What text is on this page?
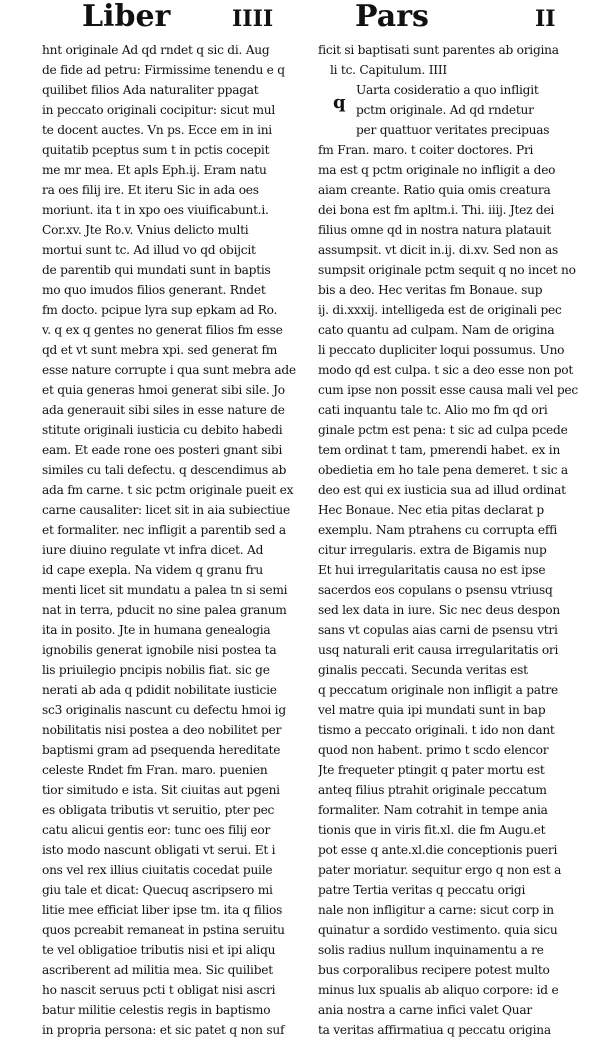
Liber	IIII	Pars	II
hnt originale Ad qd rndet q sic di. Aug
de fide ad petru: Firmissime tenendu e q
quilibet filios Ada naturaliter ppagat
in peccato originali cocipitur: sicut mul
te docent auctes. Vn ps. Ecce em in ini
quitatib pceptus sum t in pctis cocepit
me mr mea. Et apls Eph.ij. Eram natu
ra oes filij ire. Et iteru Sic in ada oes
moriunt. ita t in xpo oes viuificabunt.i.
Cor.xv. Jte Ro.v. Vnius delicto multi
mortui sunt tc. Ad illud vo qd obijcit
de parentib qui mundati sunt in baptis
mo quo imudos filios generant. Rndet
fm docto. pcipue lyra sup epkam ad Ro.
v. q ex q gentes no generat filios fm esse
qd et vt sunt mebra xpi. sed generat fm
esse nature corrupte i qua sunt mebra ade
et quia generas hmoi generat sibi sile. Jo
ada generauit sibi siles in esse nature de
stitute originali iusticia cu debito habedi
eam. Et eade rone oes posteri gnant sibi
similes cu tali defectu. q descendimus ab
ada fm carne. t sic pctm originale pueit ex
carne causaliter: licet sit in aia subiectiue
et formaliter. nec infligit a parentib sed a
iure diuino regulate vt infra dicet. Ad
id cape exepla. Na videm q granu fru
menti licet sit mundatu a palea tn si semi
nat in terra, pducit no sine palea granum
ita in posito. Jte in humana genealogia
ignobilis generat ignobile nisi postea ta
lis priuilegio pncipis nobilis fiat. sic ge
nerati ab ada q pdidit nobilitate iusticie
sc3 originalis nascunt cu defectu hmoi ig
nobilitatis nisi postea a deo nobilitet per
baptismi gram ad psequenda hereditate
celeste Rndet fm Fran. maro. puenien
tior simitudo e ista. Sit ciuitas aut pgeni
es obligata tributis vt seruitio, pter pec
catu alicui gentis eor: tunc oes filij eor
isto modo nascunt obligati vt serui. Et i
ons vel rex illius ciuitatis cocedat puile
giu tale et dicat: Quecuq ascripsero mi
litie mee efficiat liber ipse tm. ita q filios
quos pcreabit remaneat in pstina seruitu
te vel obligatioe tributis nisi et ipi aliqu
ascriberent ad militia mea. Sic quilibet
ho nascit seruus pcti t obligat nisi ascri
batur militie celestis regis in baptismo
in propria persona: et sic patet q non suf
ficit si baptisati sunt parentes ab origina
li tc. Capitulum. IIII
Uarta cosideratio a quo infligit
pctm originale. Ad qd rndetur
per quattuor veritates precipuas
fm Fran. maro. t coiter doctores. Pri
ma est q pctm originale no infligit a deo
aiam creante. Ratio quia omis creatura
dei bona est fm apltm.i. Thi. iiij. Jtez dei
filius omne qd in nostra natura platauit
assumpsit. vt dicit in.ij. di.xv. Sed non as
sumpsit originale pctm sequit q no incet no
bis a deo. Hec veritas fm Bonaue. sup
ij. di.xxxij. intelligeda est de originali pec
cato quantu ad culpam. Nam de origina
li peccato dupliciter loqui possumus. Uno
modo qd est culpa. t sic a deo esse non pot
cum ipse non possit esse causa mali vel pec
cati inquantu tale tc. Alio mo fm qd ori
ginale pctm est pena: t sic ad culpa pcede
tem ordinat t tam, pmerendi habet. ex in
obedietia em ho tale pena demeret. t sic a
deo est qui ex iusticia sua ad illud ordinat
Hec Bonaue. Nec etia pitas declarat p
exemplu. Nam ptrahens cu corrupta effi
citur irregularis. extra de Bigamis nup
Et hui irregularitatis causa no est ipse
sacerdos eos copulans o psensu vtriusq
sed lex data in iure. Sic nec deus despon
sans vt copulas aias carni de psensu vtri
usq naturali erit causa irregularitatis ori
ginalis peccati. Secunda veritas est
q peccatum originale non infligit a patre
vel matre quia ipi mundati sunt in bap
tismo a peccato originali. t ido non dant
quod non habent. primo t scdo elencor
Jte frequeter ptingit q pater mortu est
anteq filius ptrahit originale peccatum
formaliter. Nam cotrahit in tempe ania
tionis que in viris fit.xl. die fm Augu.et
pot esse q ante.xl.die conceptionis pueri
pater moriatur. sequitur ergo q non est a
patre Tertia veritas q peccatu origi
nale non infligitur a carne: sicut corp in
quinatur a sordido vestimento. quia sicu
solis radius nullum inquinamentu a re
bus corporalibus recipere potest multo
minus lux spualis ab aliquo corpore: id e
ania nostra a carne infici valet Quar
ta veritas affirmatiua q peccatu origina
q
